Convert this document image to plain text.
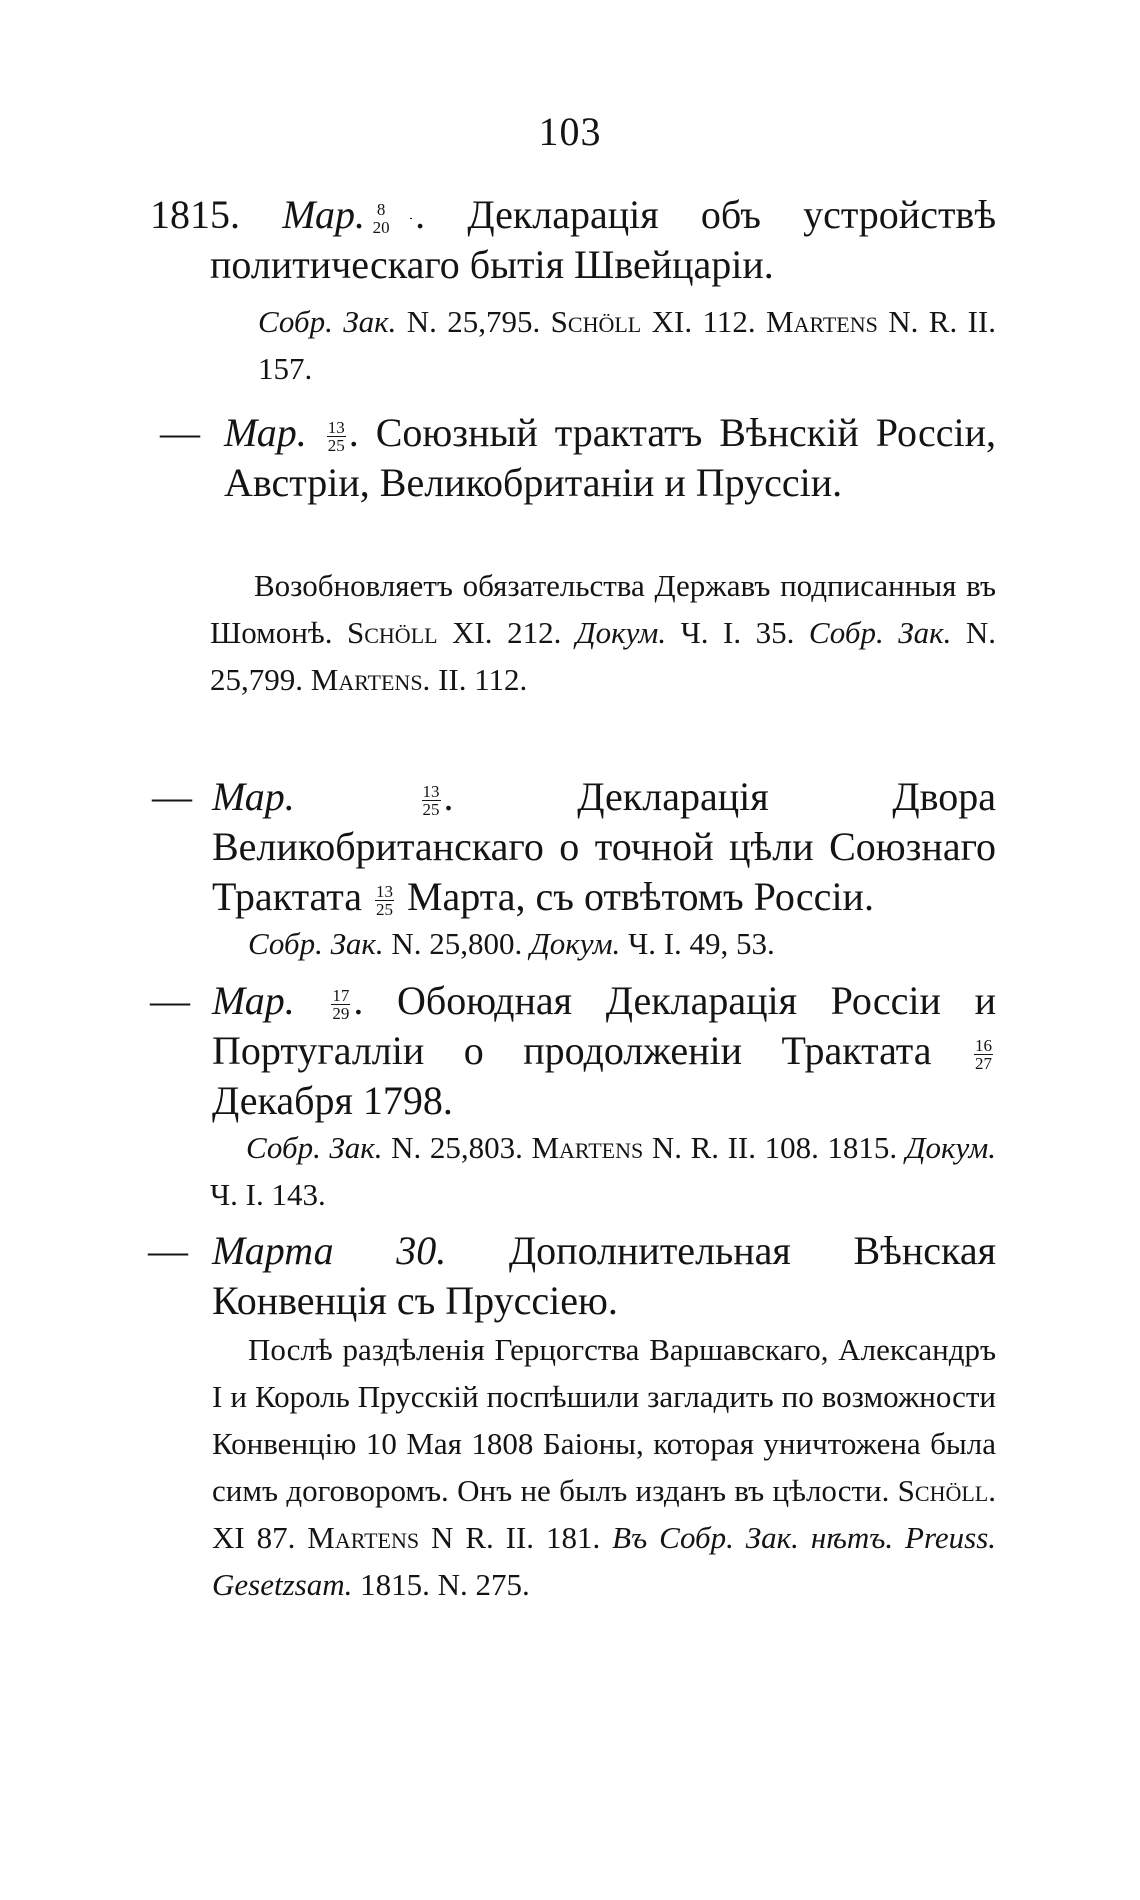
103
1815. Мар.	$\frac{8}{20}$ . Декларація объ устройствѣ политическаго бытія Швейцаріи.
Собр. Зак. N. 25,795. Schöll XI. 112. Martens N. R. II. 157.
— Мар. $\frac{13}{25}$ . Союзный трактатъ Вѣнскій Россіи, Австріи, Великобританіи и Пруссіи.
Возобновляетъ обязательства Державъ подписанныя въ Шомонѣ. Schöll XI. 212. Докум. Ч. I. 35. Собр. Зак. N. 25,799. Martens. II. 112.
— Мар.	$\frac{13}{25}$ .	Декларація Двора Великобританскаго о точной цѣли Союзнаго Трактата $\frac{13}{25}$ Марта, съ отвѣтомъ Россіи.
Собр. Зак. N. 25,800. Докум. Ч. I. 49, 53.
— Мар. $\frac{17}{29}$ . Обоюдная Декларація Россіи и Португалліи о продолженіи Трактата $\frac{16}{27}$
Декабря 1798.
Собр. Зак. N. 25,803. Martens N. R. II. 108. 1815. Докум. Ч. I. 143.
— Марта 30. Дополнительная Вѣнская Конвенція съ Пруссіею.
Послѣ раздѣленія Герцогства Варшавскаго, Александръ I и Король Прусскій поспѣшили загладить по возможности Конвенцію 10 Мая 1808 Баіоны, которая уничтожена была симъ договоромъ. Онъ не былъ изданъ въ цѣлости. Schöll. XI 87. Martens N R. II. 181. Въ Собр. Зак. нѣтъ. Preuss. Gesetzsam. 1815. N. 275.
